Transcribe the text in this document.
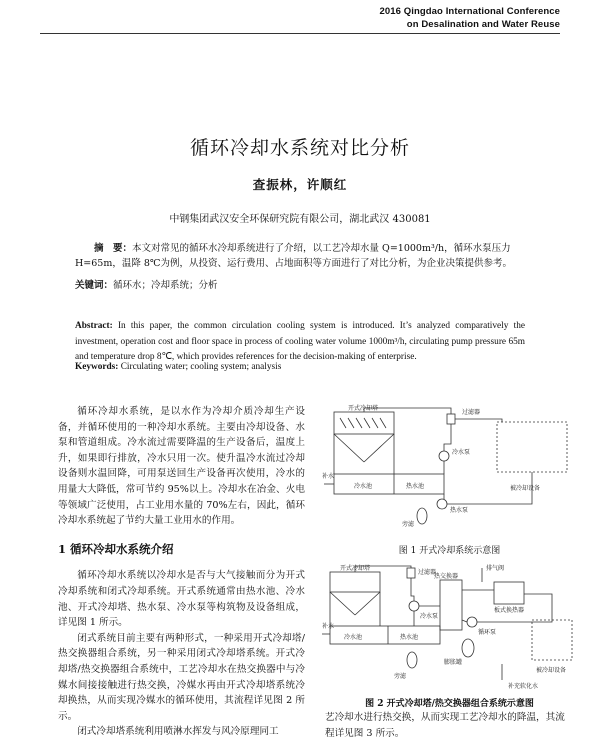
2016 Qingdao International Conference
on Desalination and Water Reuse
循环冷却水系统对比分析
查振林，许顺红
中钢集团武汉安全环保研究院有限公司，湖北武汉 430081
摘　要：本文对常见的循环水冷却系统进行了介绍，以工艺冷却水量 Q=1000m³/h，循环水泵压力 H=65m，温降 8℃为例，从投资、运行费用、占地面积等方面进行了对比分析，为企业决策提供参考。
关键词：循环水；冷却系统；分析
Abstract: In this paper, the common circulation cooling system is introduced. It’s analyzed comparatively the investment, operation cost and floor space in process of cooling water volume 1000m³/h, circulating pump pressure 65m and temperature drop 8℃, which provides references for the decision-making of enterprise.
Keywords: Circulating water; cooling system; analysis

循环冷却水系统，是以水作为冷却介质冷却生产设备，并循环使用的一种冷却水系统。主要由冷却设备、水泵和管道组成。冷水流过需要降温的生产设备后，温度上升，如果即行排放，冷水只用一次。使升温冷水流过冷却设备则水温回降，可用泵送回生产设备再次使用，冷水的用量大大降低，常可节约 95%以上。冷却水在冶金、火电等领域广泛使用，占工业用水量的 70%左右，因此，循环冷却水系统起了节约大量工业用水的作用。

1 循环冷却水系统介绍

循环冷却水系统以冷却水是否与大气接触而分为开式冷却系统和闭式冷却系统。开式系统通常由热水池、冷水池、开式冷却塔、热水泵、冷水泵等构筑物及设备组成，详见图 1 所示。

闭式系统目前主要有两种形式，一种采用开式冷却塔/热交换器组合系统，另一种采用闭式冷却塔系统。开式冷却塔/热交换器组合系统中，工艺冷却水在热交换器中与冷媒水间接接触进行热交换，冷媒水再由开式冷却塔系统冷却换热，从而实现冷媒水的循环使用，其流程详见图 2 所示。

闭式冷却塔系统利用喷淋水挥发与风冷原理同工

开式冷却塔
过滤器
冷水泵
冷水池	热水池
热水泵
补水
旁滤
被冷却设备
图 1 开式冷却系统示意图
开式冷却塔
过滤器
排气阀
冷水泵
热交换器
板式换热器
冷水池	热水池
循环泵
旁滤
补水
膨胀罐
补充软化水
被冷却设备
图 2 开式冷却塔/热交换器组合系统示意图
艺冷却水进行热交换，从而实现工艺冷却水的降温，其流程详见图 3 所示。
